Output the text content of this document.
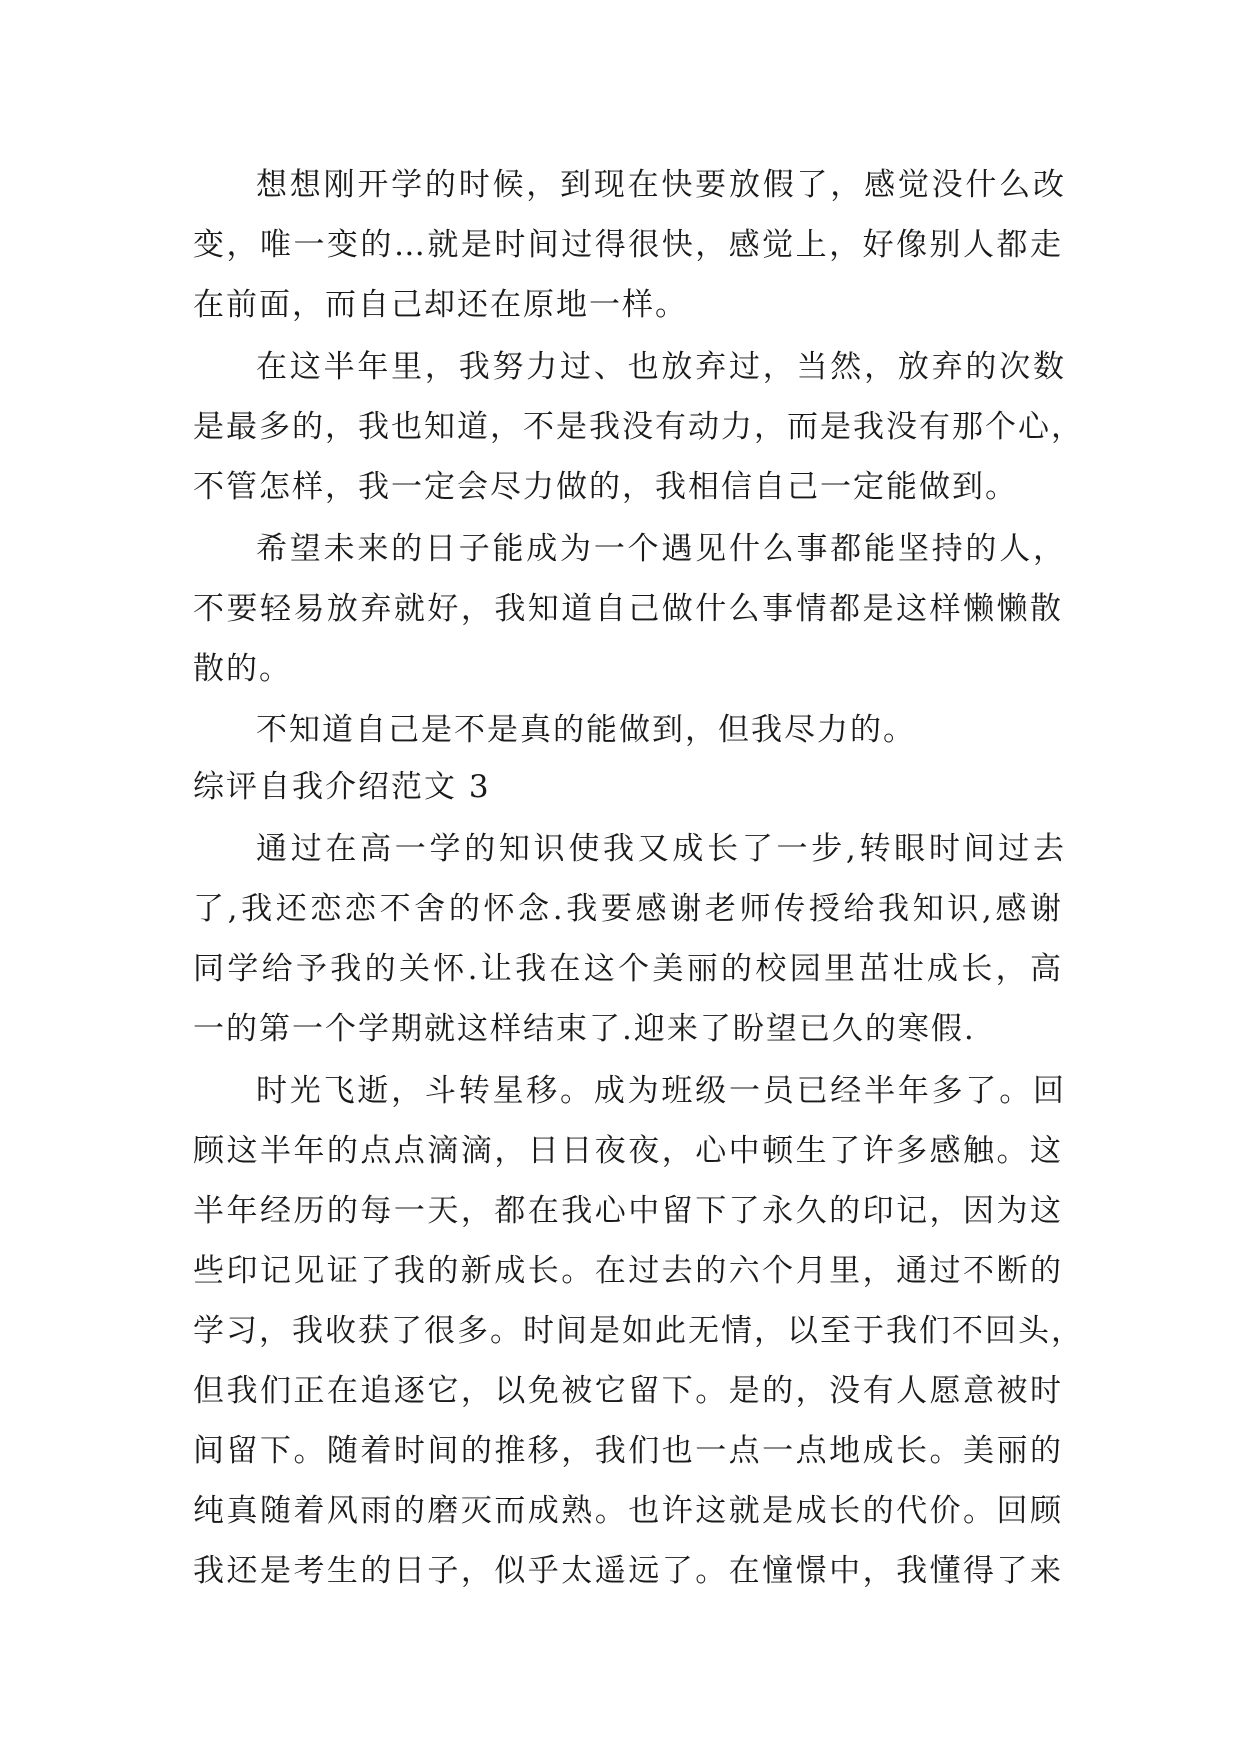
想想刚开学的时候，到现在快要放假了，感觉没什么改
变，唯一变的…就是时间过得很快，感觉上，好像别人都走
在前面，而自己却还在原地一样。
在这半年里，我努力过、也放弃过，当然，放弃的次数
是最多的，我也知道，不是我没有动力，而是我没有那个心，
不管怎样，我一定会尽力做的，我相信自己一定能做到。
希望未来的日子能成为一个遇见什么事都能坚持的人，
不要轻易放弃就好，我知道自己做什么事情都是这样懒懒散
散的。
不知道自己是不是真的能做到，但我尽力的。
综评自我介绍范文 3
通过在高一学的知识使我又成长了一步,转眼时间过去
了,我还恋恋不舍的怀念.我要感谢老师传授给我知识,感谢
同学给予我的关怀.让我在这个美丽的校园里茁壮成长，高
一的第一个学期就这样结束了.迎来了盼望已久的寒假.
时光飞逝，斗转星移。成为班级一员已经半年多了。回
顾这半年的点点滴滴，日日夜夜，心中顿生了许多感触。这
半年经历的每一天，都在我心中留下了永久的印记，因为这
些印记见证了我的新成长。在过去的六个月里，通过不断的
学习，我收获了很多。时间是如此无情，以至于我们不回头，
但我们正在追逐它，以免被它留下。是的，没有人愿意被时
间留下。随着时间的推移，我们也一点一点地成长。美丽的
纯真随着风雨的磨灭而成熟。也许这就是成长的代价。回顾
我还是考生的日子，似乎太遥远了。在憧憬中，我懂得了来
